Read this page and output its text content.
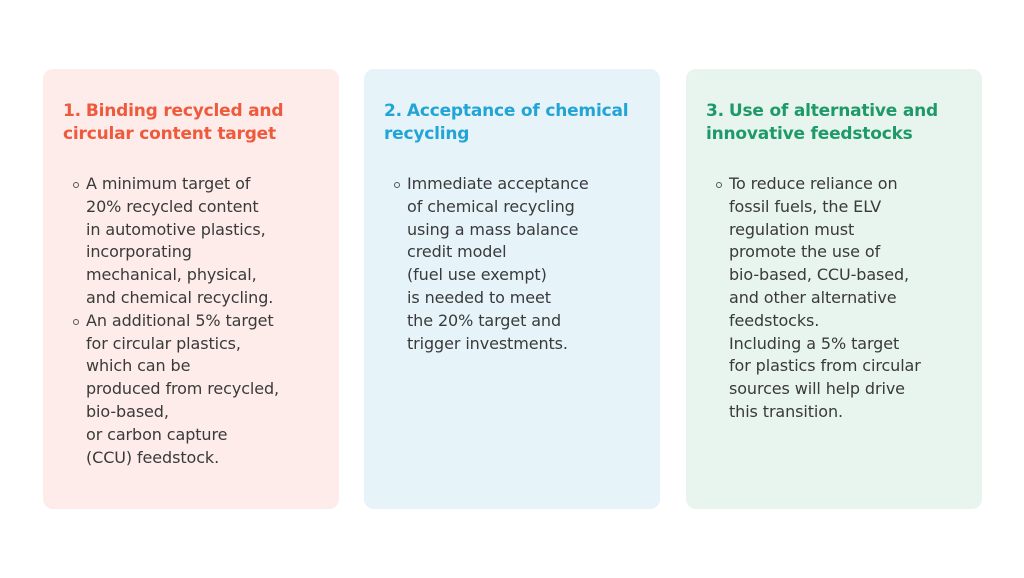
1. Binding recycled and circular content target
A minimum target of
20% recycled content
in automotive plastics,
incorporating
mechanical, physical,
and chemical recycling.
An additional 5% target
for circular plastics,
which can be
produced from recycled,
bio-based,
or carbon capture
(CCU) feedstock.
2. Acceptance of chemical recycling
Immediate acceptance
of chemical recycling
using a mass balance
credit model
(fuel use exempt)
is needed to meet
the 20% target and
trigger investments.
3. Use of alternative and innovative feedstocks
To reduce reliance on
fossil fuels, the ELV
regulation must
promote the use of
bio-based, CCU-based,
and other alternative
feedstocks.
Including a 5% target
for plastics from circular
sources will help drive
this transition.
